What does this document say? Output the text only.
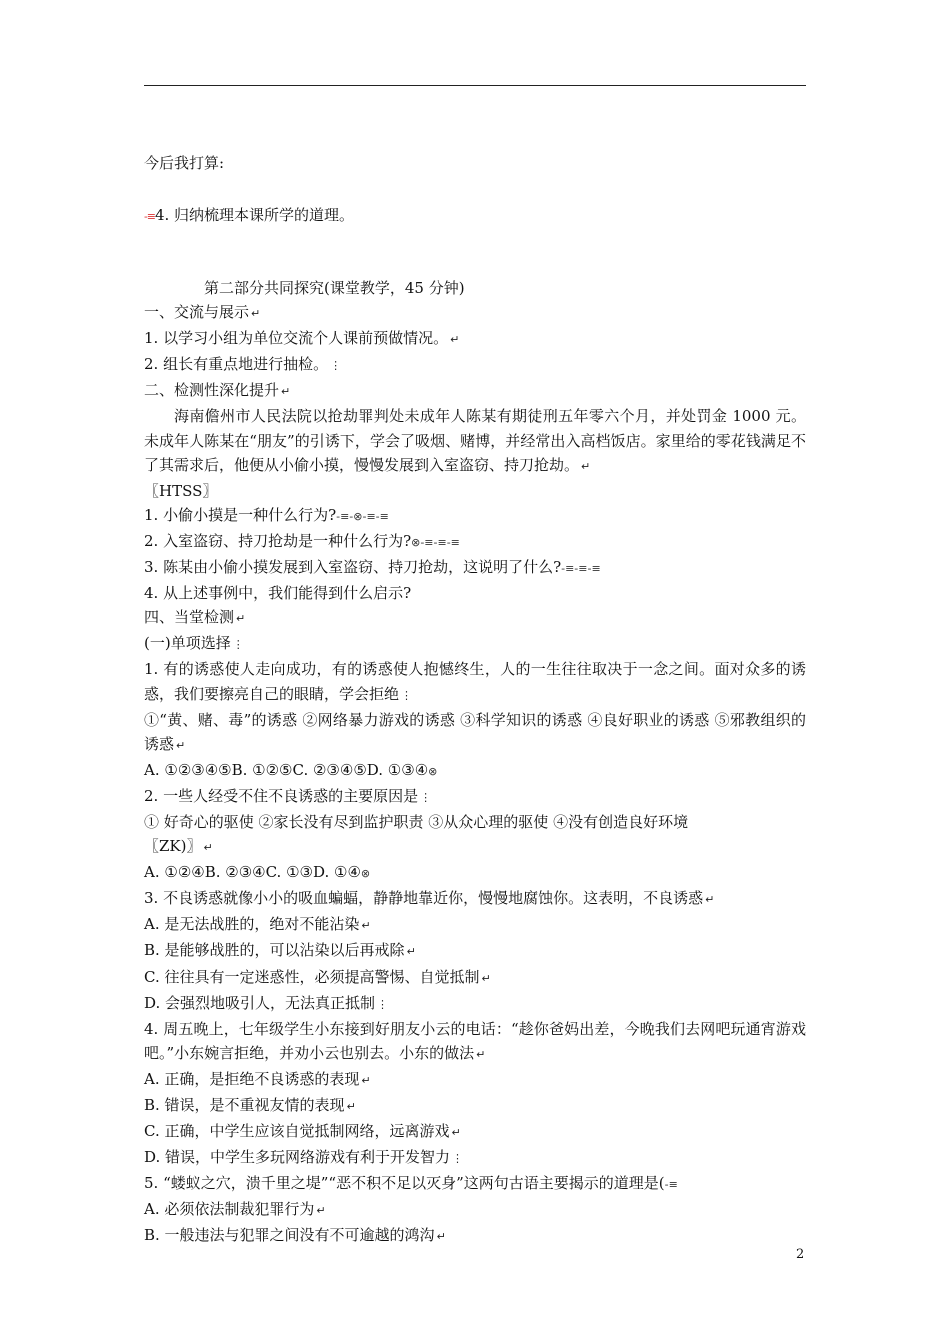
今后我打算:
-≡4. 归纳梳理本课所学的道理。
第二部分共同探究(课堂教学，45 分钟)
一、交流与展示 ↵
1. 以学习小组为单位交流个人课前预做情况。 ↵
2. 组长有重点地进行抽检。 ⋮
二、检测性深化提升 ↵
海南儋州市人民法院以抢劫罪判处未成年人陈某有期徒刑五年零六个月，并处罚金 1000 元。未成年人陈某在“朋友”的引诱下，学会了吸烟、赌博，并经常出入高档饭店。家里给的零花钱满足不了其需求后，他便从小偷小摸，慢慢发展到入室盗窃、持刀抢劫。 ↵
〖HTSS〗
1. 小偷小摸是一种什么行为?-≡-⊗-≡-≡
2. 入室盗窃、持刀抢劫是一种什么行为?⊗-≡-≡-≡
3. 陈某由小偷小摸发展到入室盗窃、持刀抢劫，这说明了什么?-≡-≡-≡
4. 从上述事例中，我们能得到什么启示?
四、当堂检测 ↵
(一)单项选择 ⋮
1. 有的诱惑使人走向成功，有的诱惑使人抱憾终生，人的一生往往取决于一念之间。面对众多的诱惑，我们要擦亮自己的眼睛，学会拒绝 ⋮
①“黄、赌、毒”的诱惑 ②网络暴力游戏的诱惑 ③科学知识的诱惑 ④良好职业的诱惑 ⑤邪教组织的诱惑 ↵
A. ①②③④⑤B. ①②⑤C. ②③④⑤D. ①③④⊗
2. 一些人经受不住不良诱惑的主要原因是 ⋮
① 好奇心的驱使 ②家长没有尽到监护职责 ③从众心理的驱使 ④没有创造良好环境
〖ZK)〗 ↵
A. ①②④B. ②③④C. ①③D. ①④⊗
3. 不良诱惑就像小小的吸血蝙蝠，静静地靠近你，慢慢地腐蚀你。这表明，不良诱惑 ↵
A. 是无法战胜的，绝对不能沾染 ↵
B. 是能够战胜的，可以沾染以后再戒除 ↵
C. 往往具有一定迷惑性，必须提高警惕、自觉抵制 ↵
D. 会强烈地吸引人，无法真正抵制 ⋮
4. 周五晚上，七年级学生小东接到好朋友小云的电话：“趁你爸妈出差，今晚我们去网吧玩通宵游戏吧。”小东婉言拒绝，并劝小云也别去。小东的做法 ↵
A. 正确，是拒绝不良诱惑的表现 ↵
B. 错误，是不重视友情的表现 ↵
C. 正确，中学生应该自觉抵制网络，远离游戏 ↵
D. 错误，中学生多玩网络游戏有利于开发智力 ⋮
5. “蝼蚁之穴，溃千里之堤”“恶不积不足以灭身”这两句古语主要揭示的道理是(-≡
A. 必须依法制裁犯罪行为 ↵
B. 一般违法与犯罪之间没有不可逾越的鸿沟 ↵
2
